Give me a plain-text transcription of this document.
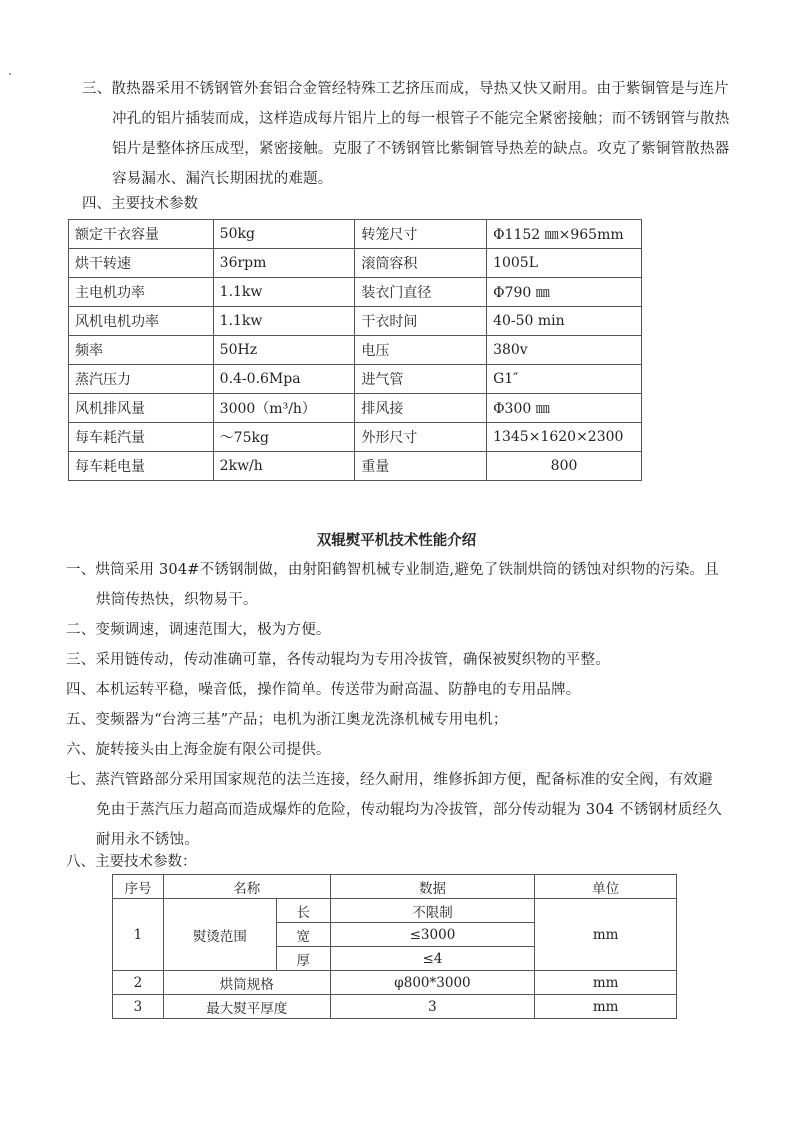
三、散热器采用不锈钢管外套铝合金管经特殊工艺挤压而成，导热又快又耐用。由于紫铜管是与连片
冲孔的铝片插装而成，这样造成每片铝片上的每一根管子不能完全紧密接触；而不锈钢管与散热
铝片是整体挤压成型，紧密接触。克服了不锈钢管比紫铜管导热差的缺点。攻克了紫铜管散热器
容易漏水、漏汽长期困扰的难题。
四、主要技术参数
额定干衣容量	50kg	转笼尺寸	Φ1152 ㎜×965mm
烘干转速	36rpm	滚筒容积	1005L
主电机功率	1.1kw	装衣门直径	Φ790 ㎜
风机电机功率	1.1kw	干衣时间	40-50 min
频率	50Hz	电压	380v
蒸汽压力	0.4-0.6Mpa	进气管	G1″
风机排风量	3000（m³/h）	排风接	Φ300 ㎜
每车耗汽量	～75kg	外形尺寸	1345×1620×2300
每车耗电量	2kw/h	重量	800
双辊熨平机技术性能介绍
一、烘筒采用 304#不锈钢制做，由射阳鹤智机械专业制造,避免了铁制烘筒的锈蚀对织物的污染。且
烘筒传热快，织物易干。
二、变频调速，调速范围大，极为方便。
三、采用链传动，传动准确可靠，各传动辊均为专用冷拔管，确保被熨织物的平整。
四、本机运转平稳，噪音低，操作简单。传送带为耐高温、防静电的专用品牌。
五、变频器为“台湾三基”产品；电机为浙江奥龙洗涤机械专用电机；
六、旋转接头由上海金旋有限公司提供。
七、蒸汽管路部分采用国家规范的法兰连接，经久耐用，维修拆卸方便，配备标准的安全阀，有效避
免由于蒸汽压力超高而造成爆炸的危险，传动辊均为冷拔管，部分传动辊为 304 不锈钢材质经久
耐用永不锈蚀。
八、主要技术参数：
序号	名称		数据	单位
1	熨烫范围	长	不限制	mm
		宽	≤3000	
		厚	≤4	
2	烘筒规格		φ800*3000	mm
3	最大熨平厚度		3	mm
